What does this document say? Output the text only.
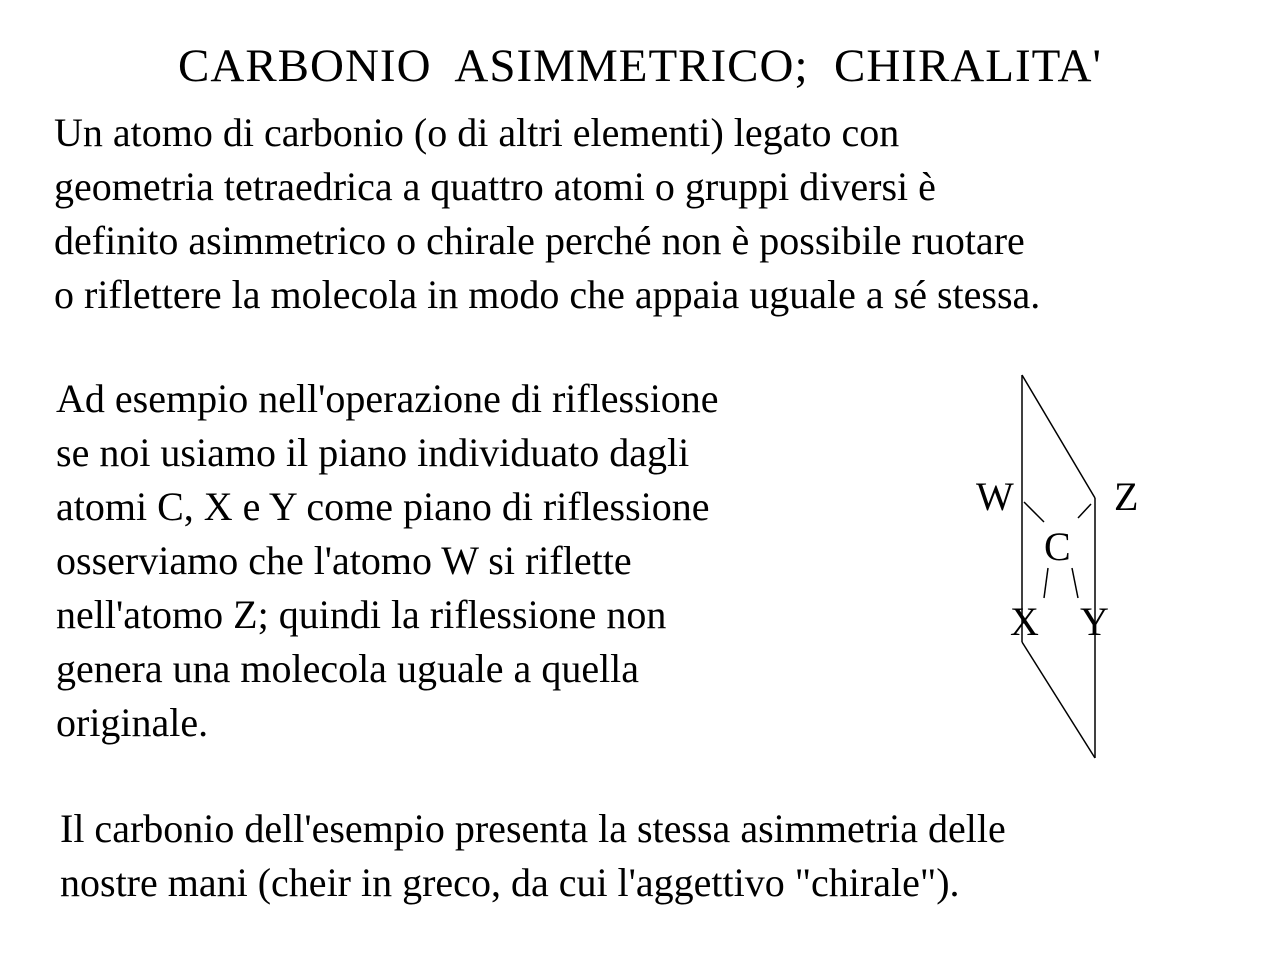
CARBONIO  ASIMMETRICO;  CHIRALITA'

Un atomo di carbonio (o di altri elementi) legato con
geometria tetraedrica a quattro atomi o gruppi diversi è
definito asimmetrico o chirale perché non è possibile ruotare
o riflettere la molecola in modo che appaia uguale a sé stessa.

Ad esempio nell'operazione di riflessione
se noi usiamo il piano individuato dagli
atomi C, X e Y come piano di riflessione
osserviamo che l'atomo W si riflette
nell'atomo Z; quindi la riflessione non
genera una molecola uguale a quella
originale.

W	Z
C
X Y

Il carbonio dell'esempio presenta la stessa asimmetria delle
nostre mani (cheir in greco, da cui l'aggettivo "chirale").
